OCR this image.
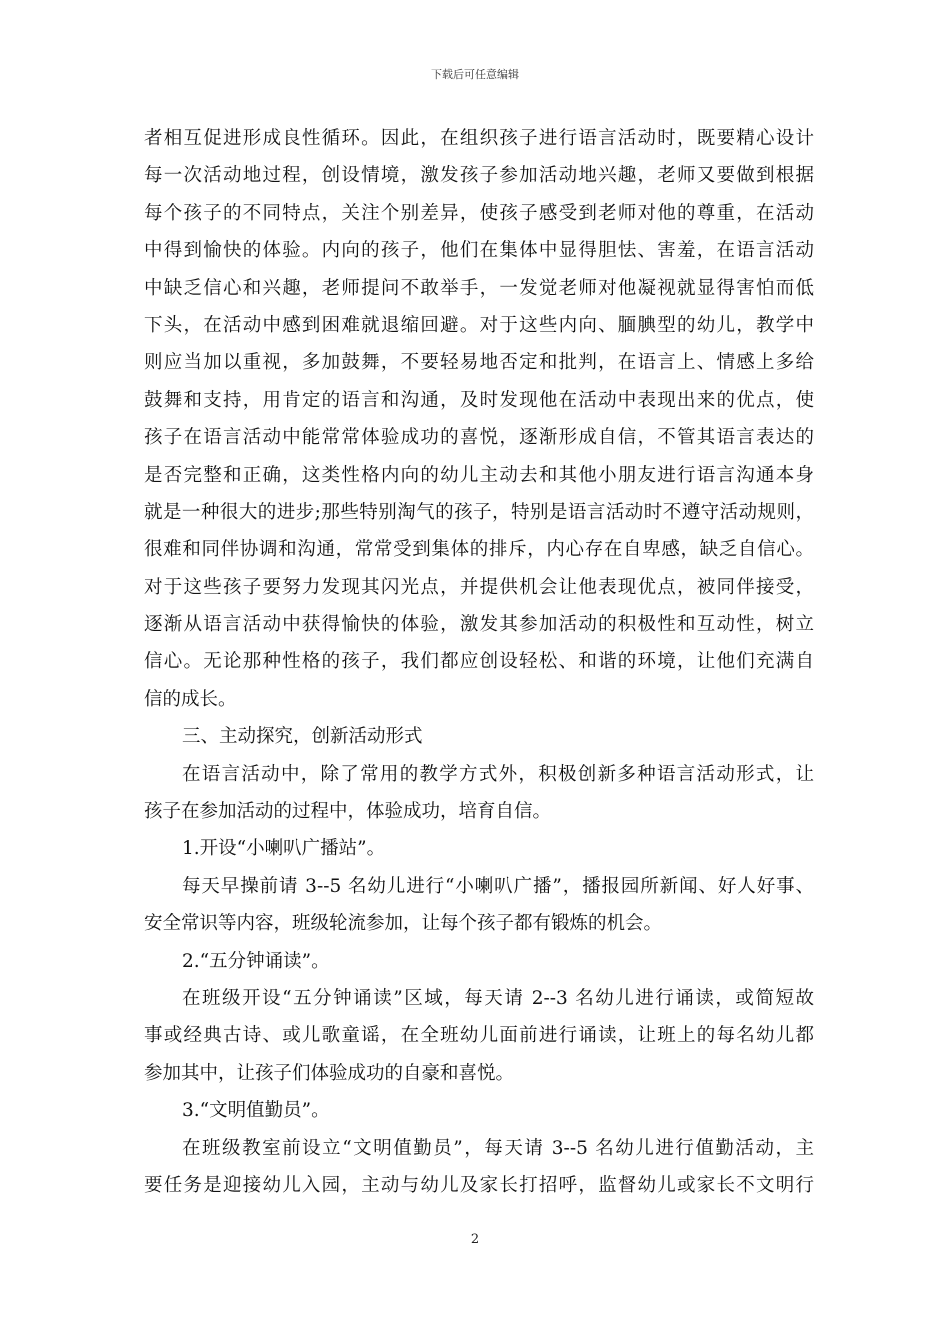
下载后可任意编辑
者相互促进形成良性循环。因此，在组织孩子进行语言活动时，既要精心设计
每一次活动地过程，创设情境，激发孩子参加活动地兴趣，老师又要做到根据
每个孩子的不同特点，关注个别差异，使孩子感受到老师对他的尊重，在活动
中得到愉快的体验。内向的孩子，他们在集体中显得胆怯、害羞，在语言活动
中缺乏信心和兴趣，老师提问不敢举手，一发觉老师对他凝视就显得害怕而低
下头，在活动中感到困难就退缩回避。对于这些内向、腼腆型的幼儿，教学中
则应当加以重视，多加鼓舞，不要轻易地否定和批判，在语言上、情感上多给
鼓舞和支持，用肯定的语言和沟通，及时发现他在活动中表现出来的优点，使
孩子在语言活动中能常常体验成功的喜悦，逐渐形成自信，不管其语言表达的
是否完整和正确，这类性格内向的幼儿主动去和其他小朋友进行语言沟通本身
就是一种很大的进步;那些特别淘气的孩子，特别是语言活动时不遵守活动规则，
很难和同伴协调和沟通，常常受到集体的排斥，内心存在自卑感，缺乏自信心。
对于这些孩子要努力发现其闪光点，并提供机会让他表现优点，被同伴接受，
逐渐从语言活动中获得愉快的体验，激发其参加活动的积极性和互动性，树立
信心。无论那种性格的孩子，我们都应创设轻松、和谐的环境，让他们充满自
信的成长。
三、主动探究，创新活动形式
在语言活动中，除了常用的教学方式外，积极创新多种语言活动形式，让
孩子在参加活动的过程中，体验成功，培育自信。
1.开设“小喇叭广播站”。
每天早操前请 3--5 名幼儿进行“小喇叭广播”，播报园所新闻、好人好事、
安全常识等内容，班级轮流参加，让每个孩子都有锻炼的机会。
2.“五分钟诵读”。
在班级开设“五分钟诵读”区域，每天请 2--3 名幼儿进行诵读，或简短故
事或经典古诗、或儿歌童谣，在全班幼儿面前进行诵读，让班上的每名幼儿都
参加其中，让孩子们体验成功的自豪和喜悦。
3.“文明值勤员”。
在班级教室前设立“文明值勤员”，每天请 3--5 名幼儿进行值勤活动，主
要任务是迎接幼儿入园，主动与幼儿及家长打招呼，监督幼儿或家长不文明行
2
